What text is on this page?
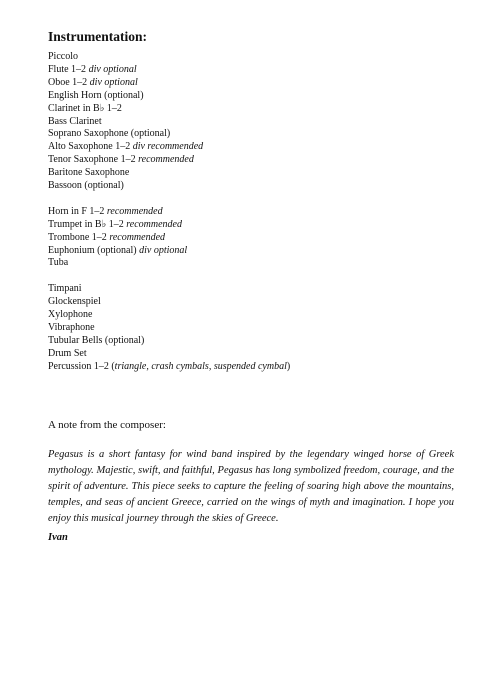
Instrumentation:
Piccolo
Flute 1–2 div optional
Oboe 1–2 div optional
English Horn (optional)
Clarinet in B♭ 1–2
Bass Clarinet
Soprano Saxophone (optional)
Alto Saxophone 1–2 div recommended
Tenor Saxophone 1–2 recommended
Baritone Saxophone
Bassoon (optional)
Horn in F 1–2 recommended
Trumpet in B♭ 1–2 recommended
Trombone 1–2 recommended
Euphonium (optional) div optional
Tuba
Timpani
Glockenspiel
Xylophone
Vibraphone
Tubular Bells (optional)
Drum Set
Percussion 1–2 (triangle, crash cymbals, suspended cymbal)

A note from the composer:

Pegasus is a short fantasy for wind band inspired by the legendary winged horse of Greek mythology. Majestic, swift, and faithful, Pegasus has long symbolized freedom, courage, and the spirit of adventure. This piece seeks to capture the feeling of soaring high above the mountains, temples, and seas of ancient Greece, carried on the wings of myth and imagination. I hope you enjoy this musical journey through the skies of Greece.

Ivan
